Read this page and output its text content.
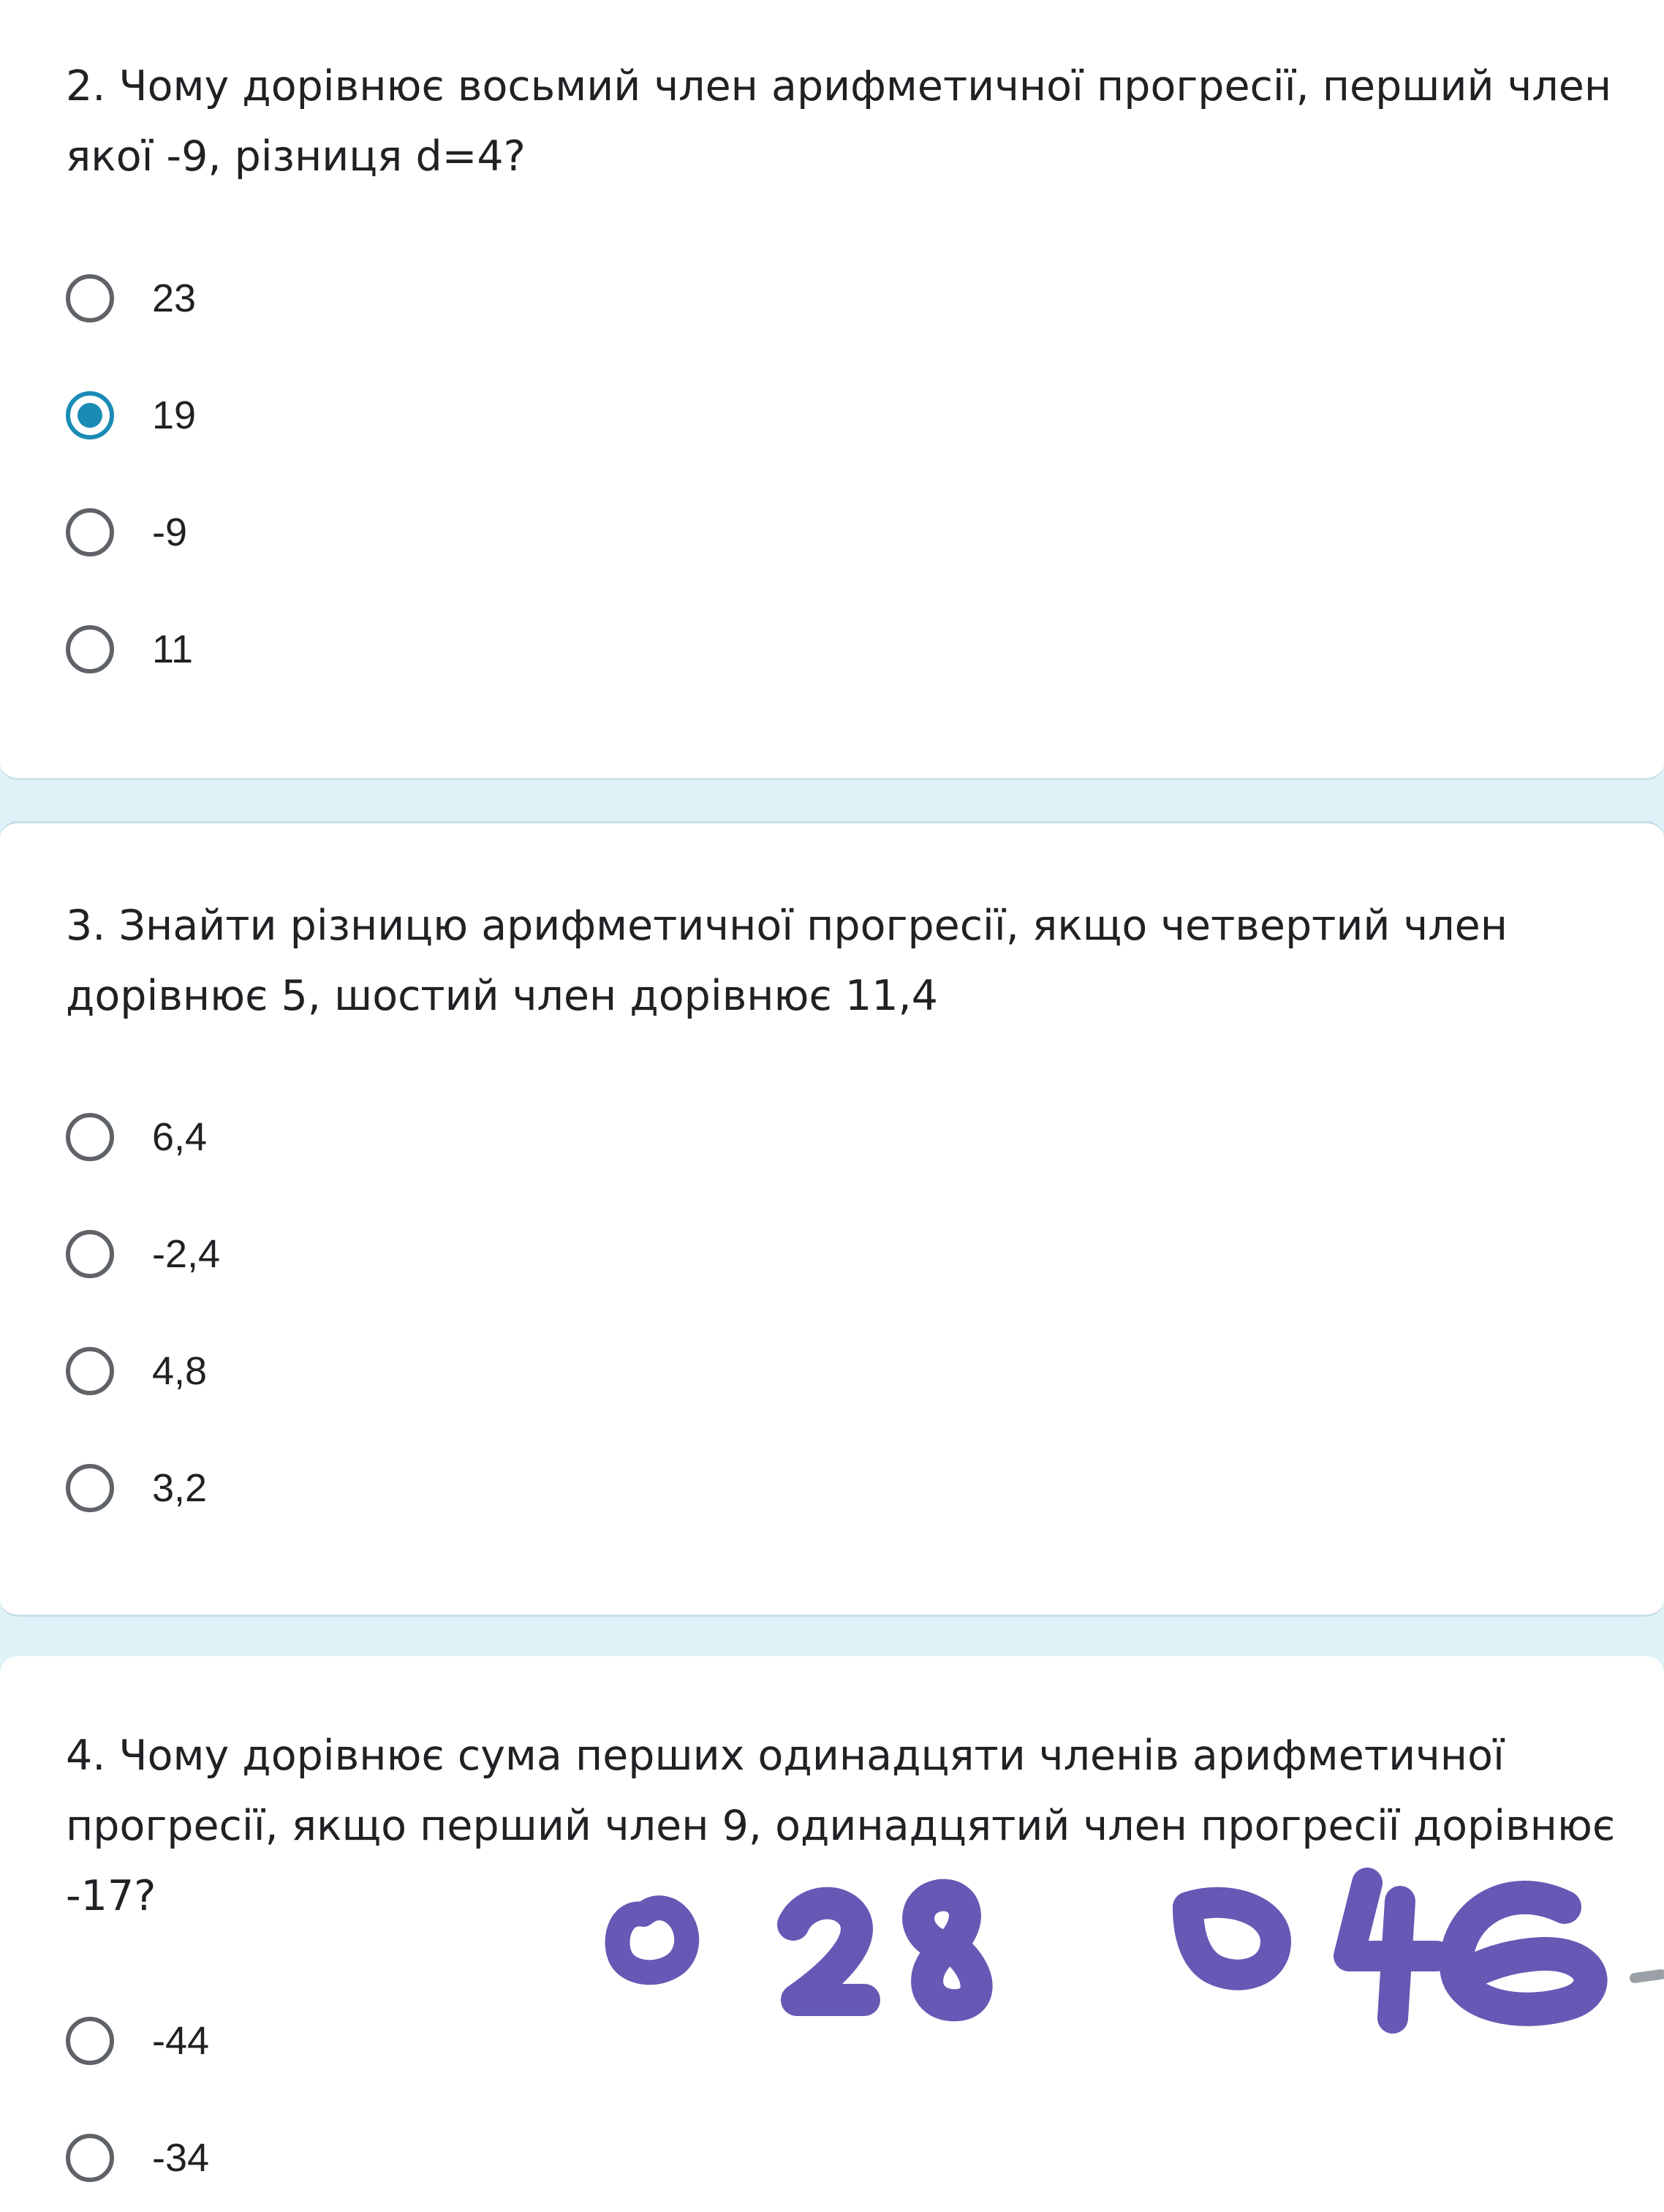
2. Чому дорівнює восьмий член арифметичної прогресії, перший член якої -9, різниця d=4?

23
19
-9
11

3. Знайти різницю арифметичної прогресії, якщо четвертий член дорівнює 5, шостий член дорівнює 11,4

6,4
-2,4
4,8
3,2

4. Чому дорівнює сума перших одинадцяти членів арифметичної прогресії, якщо перший член 9, одинадцятий член прогресії дорівнює -17?

-44
-34
